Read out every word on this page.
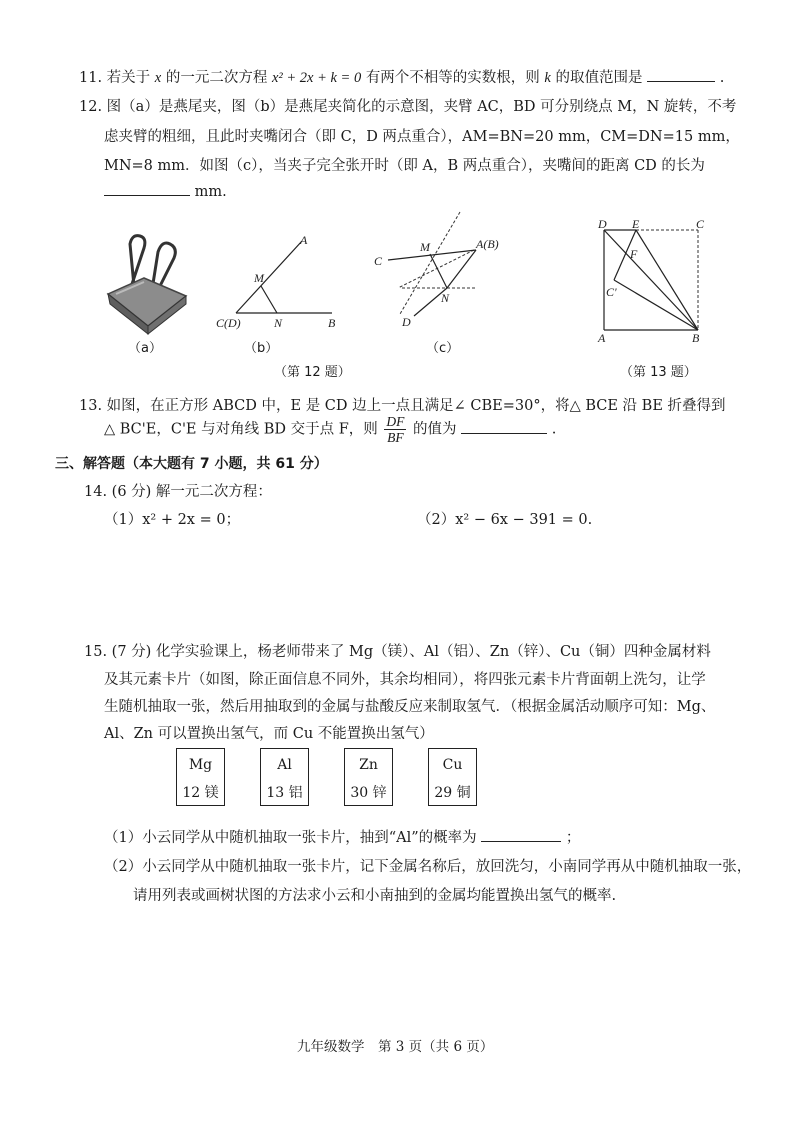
11. 若关于 x 的一元二次方程 x² + 2x + k = 0 有两个不相等的实数根，则 k 的取值范围是	.
12. 图（a）是燕尾夹，图（b）是燕尾夹简化的示意图，夹臂 AC，BD 可分别绕点 M，N 旋转，不考
虑夹臂的粗细，且此时夹嘴闭合（即 C，D 两点重合），AM=BN=20 mm，CM=DN=15 mm，
MN=8 mm．如图（c），当夹子完全张开时（即 A，B 两点重合），夹嘴间的距离 CD 的长为
mm.
（a）
A
M
C(D)	N	B
（b）
C
M	A(B)
N
D
（c）
（第 12 题）
D E	C
F
C'
A	B
（第 13 题）
13. 如图，在正方形 ABCD 中，E 是 CD 边上一点且满足∠ CBE=30°，将△ BCE 沿 BE 折叠得到
△ BC'E，C'E 与对角线 BD 交于点 F，则 $\frac{DF}{BF}$ 的值为	.
三、解答题（本大题有 7 小题，共 61 分）
14. (6 分) 解一元二次方程：
（1）x² + 2x = 0；	（2）x² − 6x − 391 = 0.
15. (7 分) 化学实验课上，杨老师带来了 Mg（镁）、Al（铝）、Zn（锌）、Cu（铜）四种金属材料
及其元素卡片（如图，除正面信息不同外，其余均相同），将四张元素卡片背面朝上洗匀，让学
生随机抽取一张，然后用抽取到的金属与盐酸反应来制取氢气．（根据金属活动顺序可知：Mg、
Al、Zn 可以置换出氢气，而 Cu 不能置换出氢气）
Mg
12 镁
Al
13 铝
Zn
30 锌
Cu
29 铜
（1）小云同学从中随机抽取一张卡片，抽到“Al”的概率为	；
（2）小云同学从中随机抽取一张卡片，记下金属名称后，放回洗匀，小南同学再从中随机抽取一张，
请用列表或画树状图的方法求小云和小南抽到的金属均能置换出氢气的概率.
九年级数学　第 3 页（共 6 页）
